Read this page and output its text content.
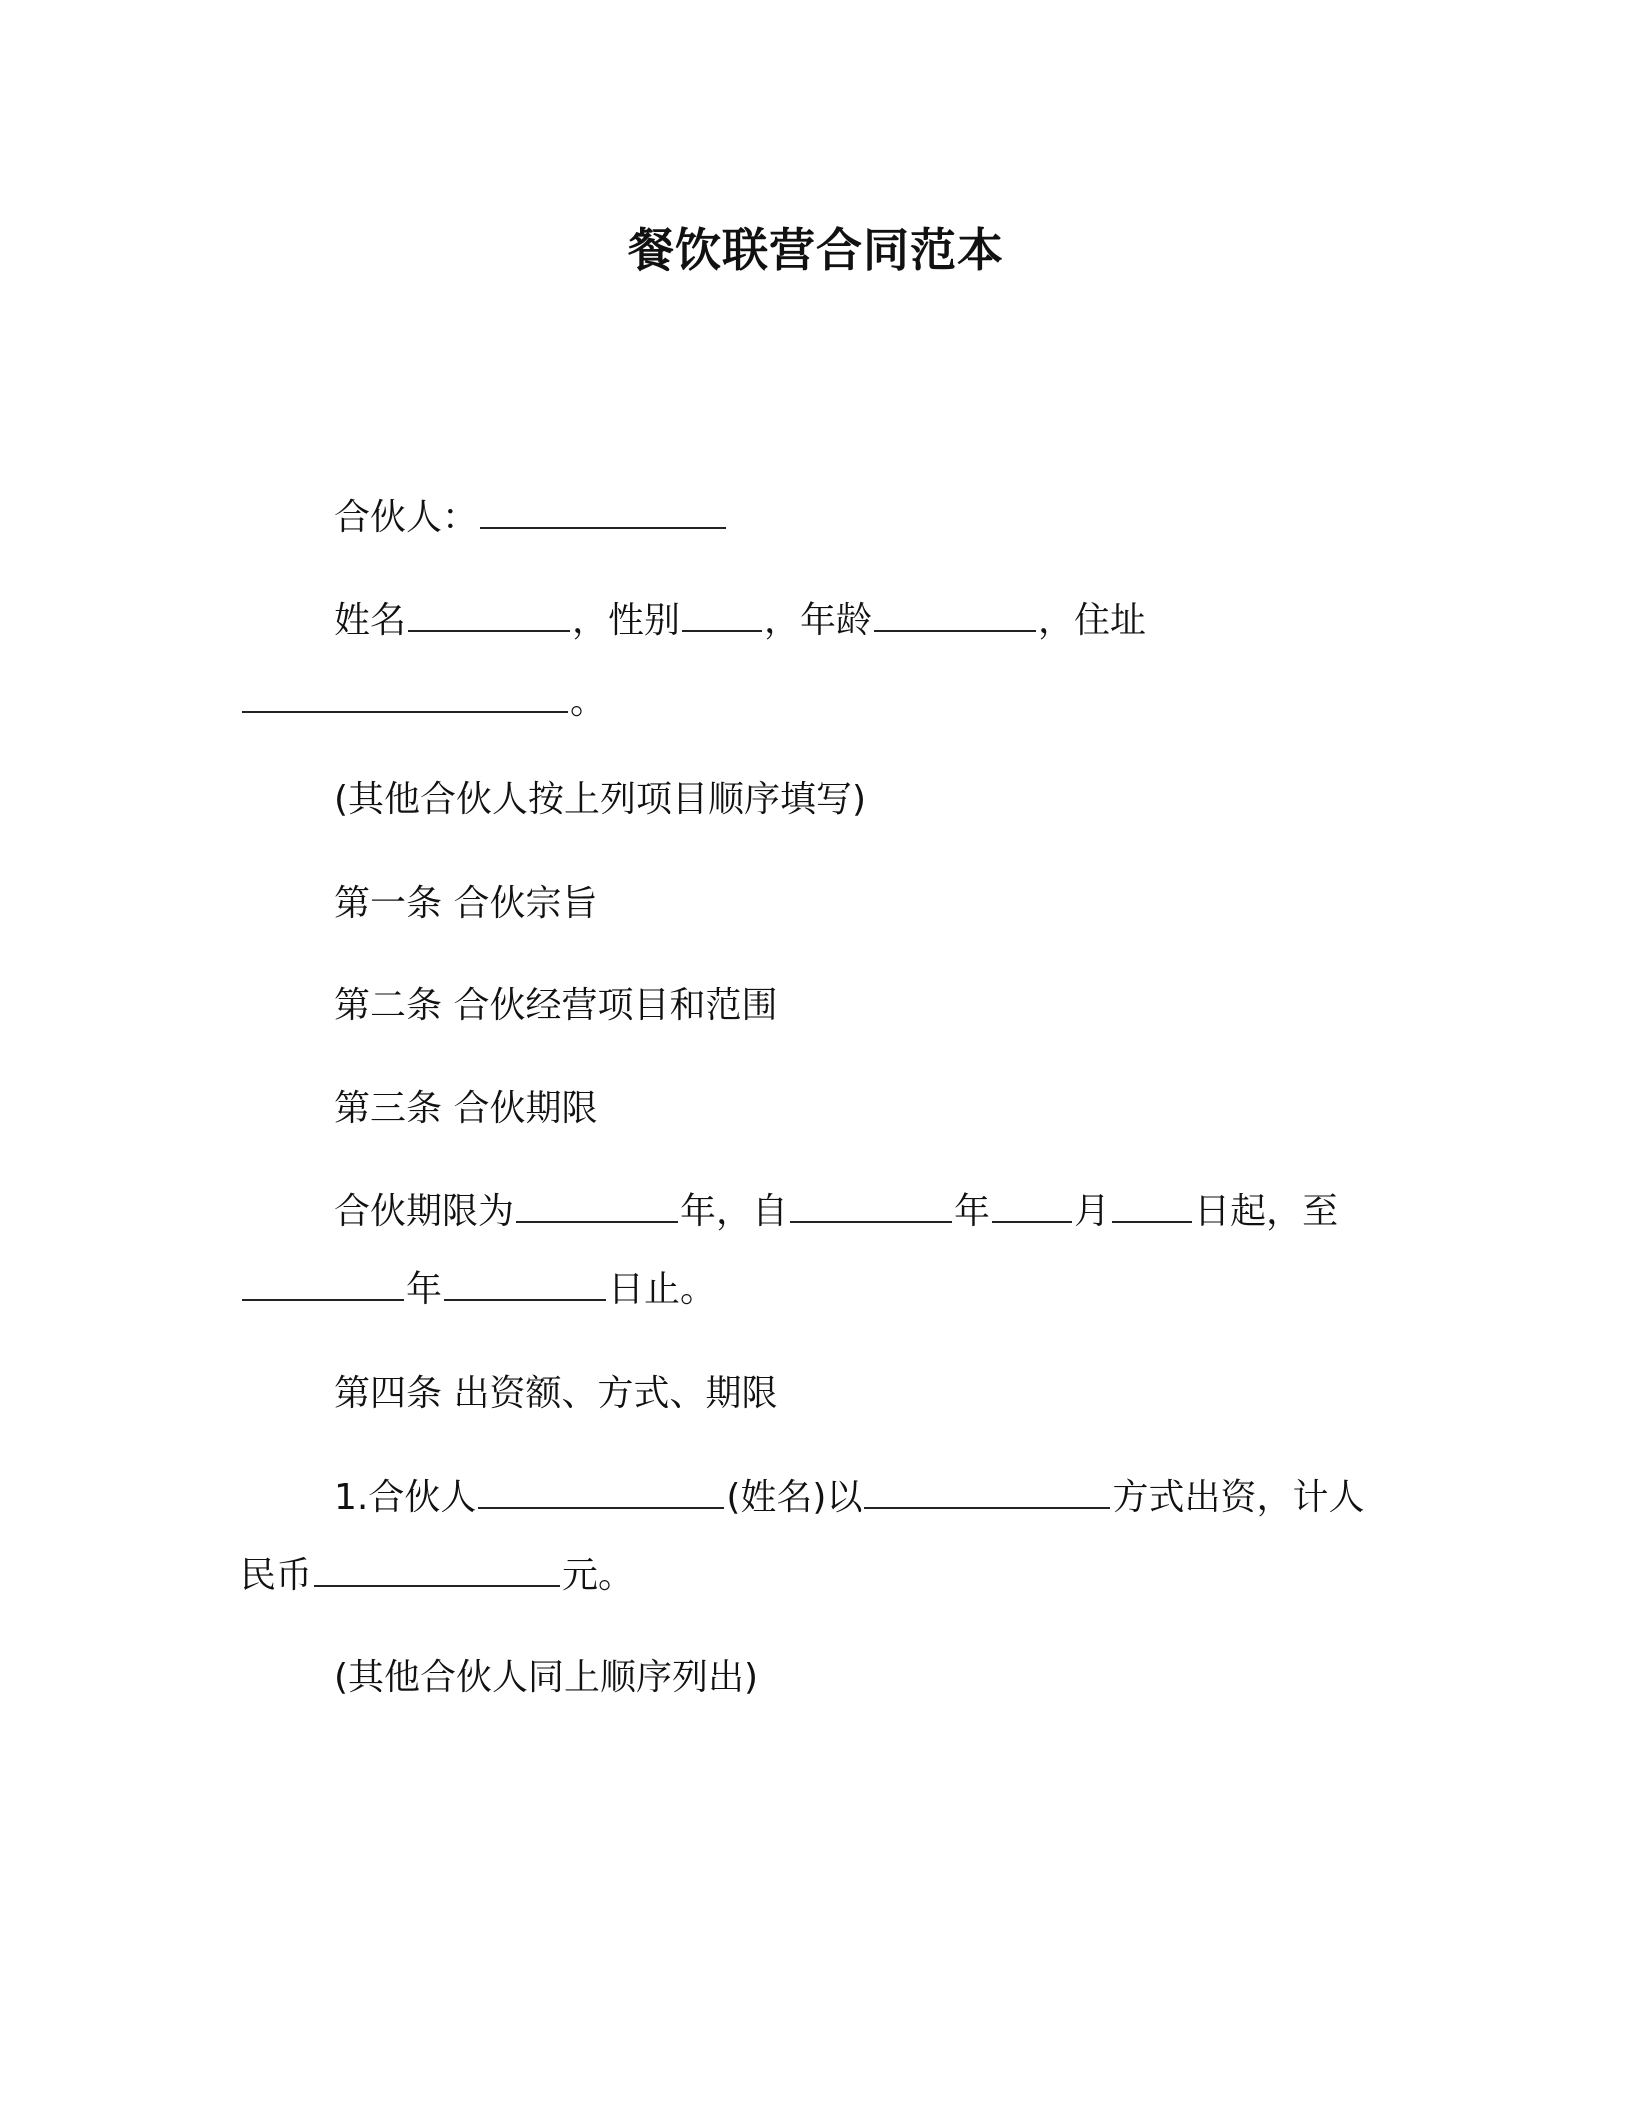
餐饮联营合同范本
合伙人：
姓名	，性别 ，年龄	，住址
。
(其他合伙人按上列项目顺序填写)
第一条 合伙宗旨
第二条 合伙经营项目和范围
第三条 合伙期限
合伙期限为	年，自	年 月 日起，至
年	日止。
第四条 出资额、方式、期限
1.合伙人	(姓名)以	方式出资，计人
民币	元。
(其他合伙人同上顺序列出)
